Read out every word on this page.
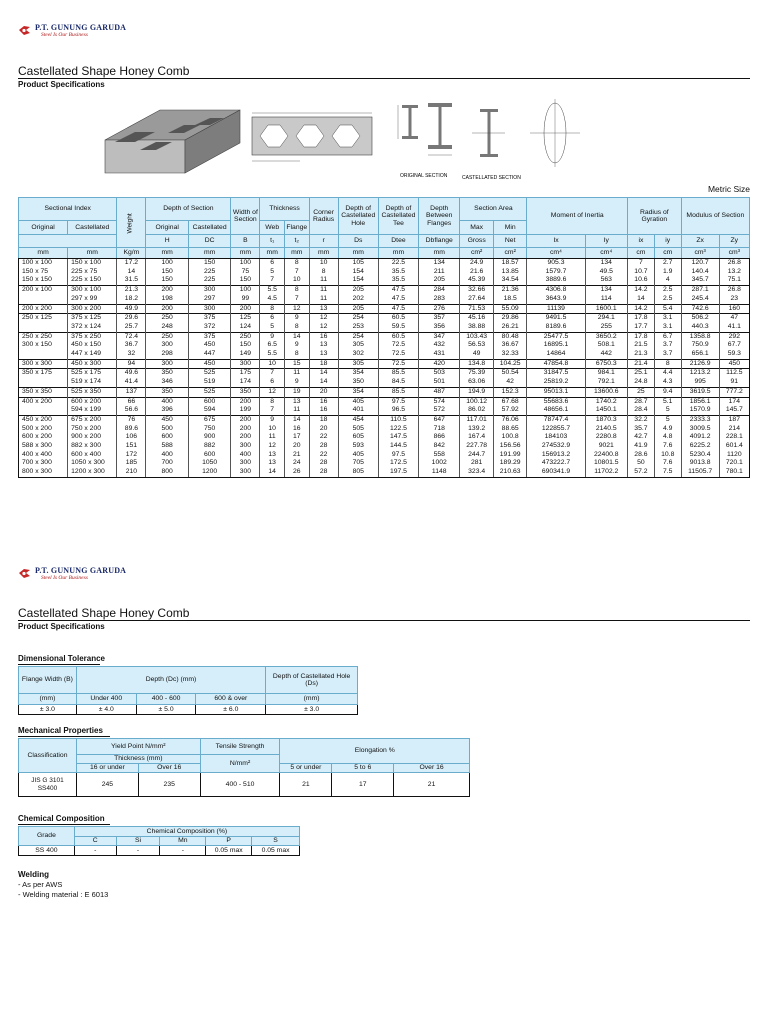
P.T. GUNUNG GARUDA
Steel Is Our Business
Castellated Shape Honey Comb
Product Specifications
ORIGINAL SECTION	CASTELLATED SECTION
Metric Size
Sectional Index		Weight	Depth of Section		Width of Section	Thickness		Corner Radius	Depth of Castellated Hole	Depth of Castellated Tee	Depth Between Flanges	Section Area		Moment of Inertia		Radius of Gyration		Modulus of Section	
Original	Castellated		Original	Castellated		Web	Flange					Max	Min						
			H	DC	B	t₁	t₂	r	Ds	Dtee	Dbflange	Gross	Net	Ix	Iy	ix	iy	Zx	Zy
mm	mm	Kg/m	mm	mm	mm	mm	mm	mm	mm	mm	mm	cm²	cm²	cm⁴	cm⁴	cm	cm	cm³	cm³
100 x 100	150 x 100	17.2	100	150	100	6	8	10	105	22.5	134	24.9	18.57	905.3	134	7	2.7	120.7	26.8
150 x 75	225 x 75	14	150	225	75	5	7	8	154	35.5	211	21.6	13.85	1579.7	49.5	10.7	1.9	140.4	13.2
150 x 150	225 x 150	31.5	150	225	150	7	10	11	154	35.5	205	45.39	34.54	3889.6	563	10.6	4	345.7	75.1
200 x 100	300 x 100	21.3	200	300	100	5.5	8	11	205	47.5	284	32.66	21.36	4306.8	134	14.2	2.5	287.1	26.8
	297 x 99	18.2	198	297	99	4.5	7	11	202	47.5	283	27.64	18.5	3643.9	114	14	2.5	245.4	23
200 x 200	300 x 200	49.9	200	300	200	8	12	13	205	47.5	276	71.53	55.09	11139	1600.1	14.2	5.4	742.6	160
250 x 125	375 x 125	29.6	250	375	125	6	9	12	254	60.5	357	45.16	29.86	9491.5	294.1	17.8	3.1	506.2	47
	372 x 124	25.7	248	372	124	5	8	12	253	59.5	356	38.88	26.21	8189.6	255	17.7	3.1	440.3	41.1
250 x 250	375 x 250	72.4	250	375	250	9	14	16	254	60.5	347	103.43	80.48	25477.5	3650.2	17.8	6.7	1358.8	292
300 x 150	450 x 150	36.7	300	450	150	6.5	9	13	305	72.5	432	56.53	36.67	16895.1	508.1	21.5	3.7	750.9	67.7
	447 x 149	32	298	447	149	5.5	8	13	302	72.5	431	49	32.33	14864	442	21.3	3.7	656.1	59.3
300 x 300	450 x 300	94	300	450	300	10	15	18	305	72.5	420	134.8	104.25	47854.8	6750.3	21.4	8	2126.9	450
350 x 175	525 x 175	49.6	350	525	175	7	11	14	354	85.5	503	75.39	50.54	31847.5	984.1	25.1	4.4	1213.2	112.5
	519 x 174	41.4	346	519	174	6	9	14	350	84.5	501	63.06	42	25819.2	792.1	24.8	4.3	995	91
350 x 350	525 x 350	137	350	525	350	12	19	20	354	85.5	487	194.9	152.3	95013.1	13600.6	25	9.4	3619.5	777.2
400 x 200	600 x 200	66	400	600	200	8	13	16	405	97.5	574	100.12	67.68	55683.6	1740.2	28.7	5.1	1856.1	174
	594 x 199	56.6	396	594	199	7	11	16	401	96.5	572	86.02	57.92	48656.1	1450.1	28.4	5	1570.9	145.7
450 x 200	675 x 200	76	450	675	200	9	14	18	454	110.5	647	117.01	76.06	78747.4	1870.3	32.2	5	2333.3	187
500 x 200	750 x 200	89.6	500	750	200	10	16	20	505	122.5	718	139.2	88.65	122855.7	2140.5	35.7	4.9	3009.5	214
600 x 200	900 x 200	106	600	900	200	11	17	22	605	147.5	866	167.4	100.8	184103	2280.8	42.7	4.8	4091.2	228.1
588 x 300	882 x 300	151	588	882	300	12	20	28	593	144.5	842	227.78	156.56	274532.9	9021	41.9	7.6	6225.2	601.4
400 x 400	600 x 400	172	400	600	400	13	21	22	405	97.5	558	244.7	191.99	156913.2	22400.8	28.6	10.8	5230.4	1120
700 x 300	1050 x 300	185	700	1050	300	13	24	28	705	172.5	1002	281	189.29	473222.7	10801.5	50	7.6	9013.8	720.1
800 x 300	1200 x 300	210	800	1200	300	14	26	28	805	197.5	1148	323.4	210.63	690341.9	11702.2	57.2	7.5	11505.7	780.1
P.T. GUNUNG GARUDA
Steel Is Our Business
Castellated Shape Honey Comb
Product Specifications
Dimensional Tolerance
Flange Width (B)	Depth (Dc) (mm)			Depth of Castellated Hole (Ds)
(mm)	Under 400	400 - 600	600 & over	(mm)
± 3.0	± 4.0	± 5.0	± 6.0	± 3.0
Mechanical Properties
Classification	Yield Point N/mm²		Tensile Strength	Elongation %		
	Thickness (mm)		N/mm²			
	16 or under	Over 16		5 or under	5 to 6	Over 16
JIS G 3101 SS400	245	235	400 - 510	21	17	21
Chemical Composition
Grade	Chemical Composition (%)				
	C	Si	Mn	P	S
SS 400	-	-	-	0.05 max	0.05 max
Welding
- As per AWS
- Welding material : E 6013
